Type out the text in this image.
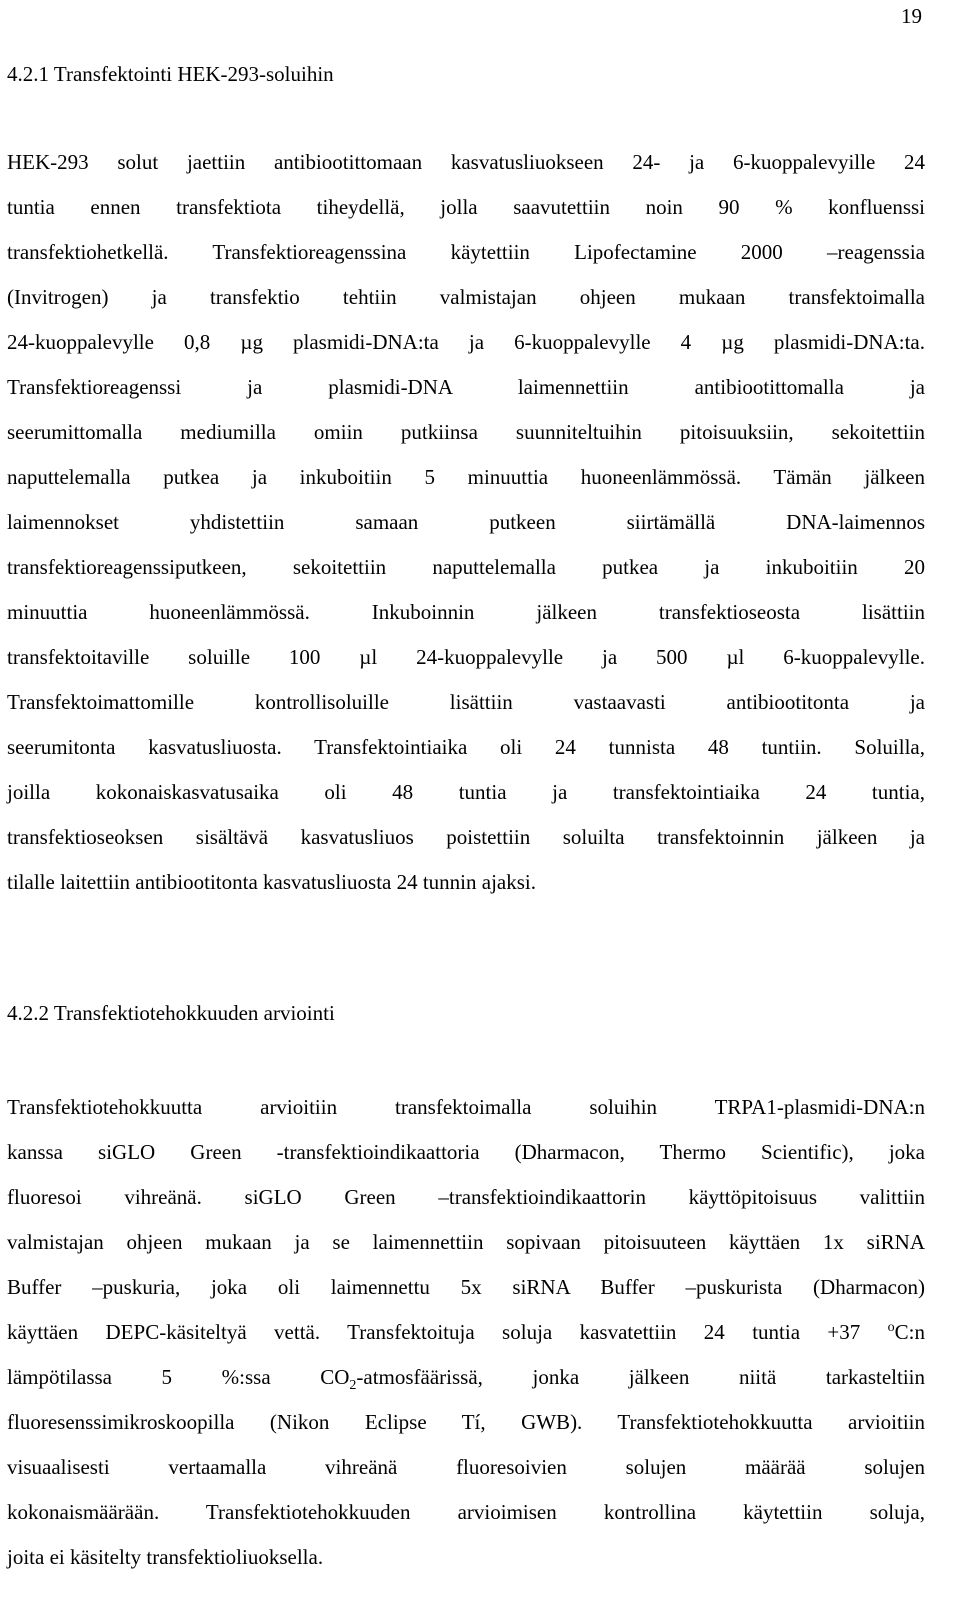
19
4.2.1 Transfektointi HEK-293-soluihin
HEK-293 solut jaettiin antibiootittomaan kasvatusliuokseen 24- ja 6-kuoppalevyille 24
tuntia ennen transfektiota tiheydellä, jolla saavutettiin noin 90 % konfluenssi
transfektiohetkellä. Transfektioreagenssina käytettiin Lipofectamine 2000 –reagenssia
(Invitrogen) ja transfektio tehtiin valmistajan ohjeen mukaan transfektoimalla
24-kuoppalevylle 0,8 µg plasmidi-DNA:ta ja 6-kuoppalevylle 4 µg plasmidi-DNA:ta.
Transfektioreagenssi ja plasmidi-DNA laimennettiin antibiootittomalla ja
seerumittomalla mediumilla omiin putkiinsa suunniteltuihin pitoisuuksiin, sekoitettiin
naputtelemalla putkea ja inkuboitiin 5 minuuttia huoneenlämmössä. Tämän jälkeen
laimennokset yhdistettiin samaan putkeen siirtämällä DNA-laimennos
transfektioreagenssiputkeen, sekoitettiin naputtelemalla putkea ja inkuboitiin 20
minuuttia huoneenlämmössä. Inkuboinnin jälkeen transfektioseosta lisättiin
transfektoitaville soluille 100 µl 24-kuoppalevylle ja 500 µl 6-kuoppalevylle.
Transfektoimattomille kontrollisoluille lisättiin vastaavasti antibiootitonta ja
seerumitonta kasvatusliuosta. Transfektointiaika oli 24 tunnista 48 tuntiin. Soluilla,
joilla kokonaiskasvatusaika oli 48 tuntia ja transfektointiaika 24 tuntia,
transfektioseoksen sisältävä kasvatusliuos poistettiin soluilta transfektoinnin jälkeen ja
tilalle laitettiin antibiootitonta kasvatusliuosta 24 tunnin ajaksi.
4.2.2 Transfektiotehokkuuden arviointi
Transfektiotehokkuutta arvioitiin transfektoimalla soluihin TRPA1-plasmidi-DNA:n
kanssa siGLO Green -transfektioindikaattoria (Dharmacon, Thermo Scientific), joka
fluoresoi vihreänä. siGLO Green –transfektioindikaattorin käyttöpitoisuus valittiin
valmistajan ohjeen mukaan ja se laimennettiin sopivaan pitoisuuteen käyttäen 1x siRNA
Buffer –puskuria, joka oli laimennettu 5x siRNA Buffer –puskurista (Dharmacon)
käyttäen DEPC-käsiteltyä vettä. Transfektoituja soluja kasvatettiin 24 tuntia +37 $^o$C:n
lämpötilassa 5 %:ssa $CO_2$-atmosfäärissä, jonka jälkeen niitä tarkasteltiin
fluoresenssimikroskoopilla (Nikon Eclipse Tí, GWB). Transfektiotehokkuutta arvioitiin
visuaalisesti vertaamalla vihreänä fluoresoivien solujen määrää solujen
kokonaismäärään. Transfektiotehokkuuden arvioimisen kontrollina käytettiin soluja,
joita ei käsitelty transfektioliuoksella.
